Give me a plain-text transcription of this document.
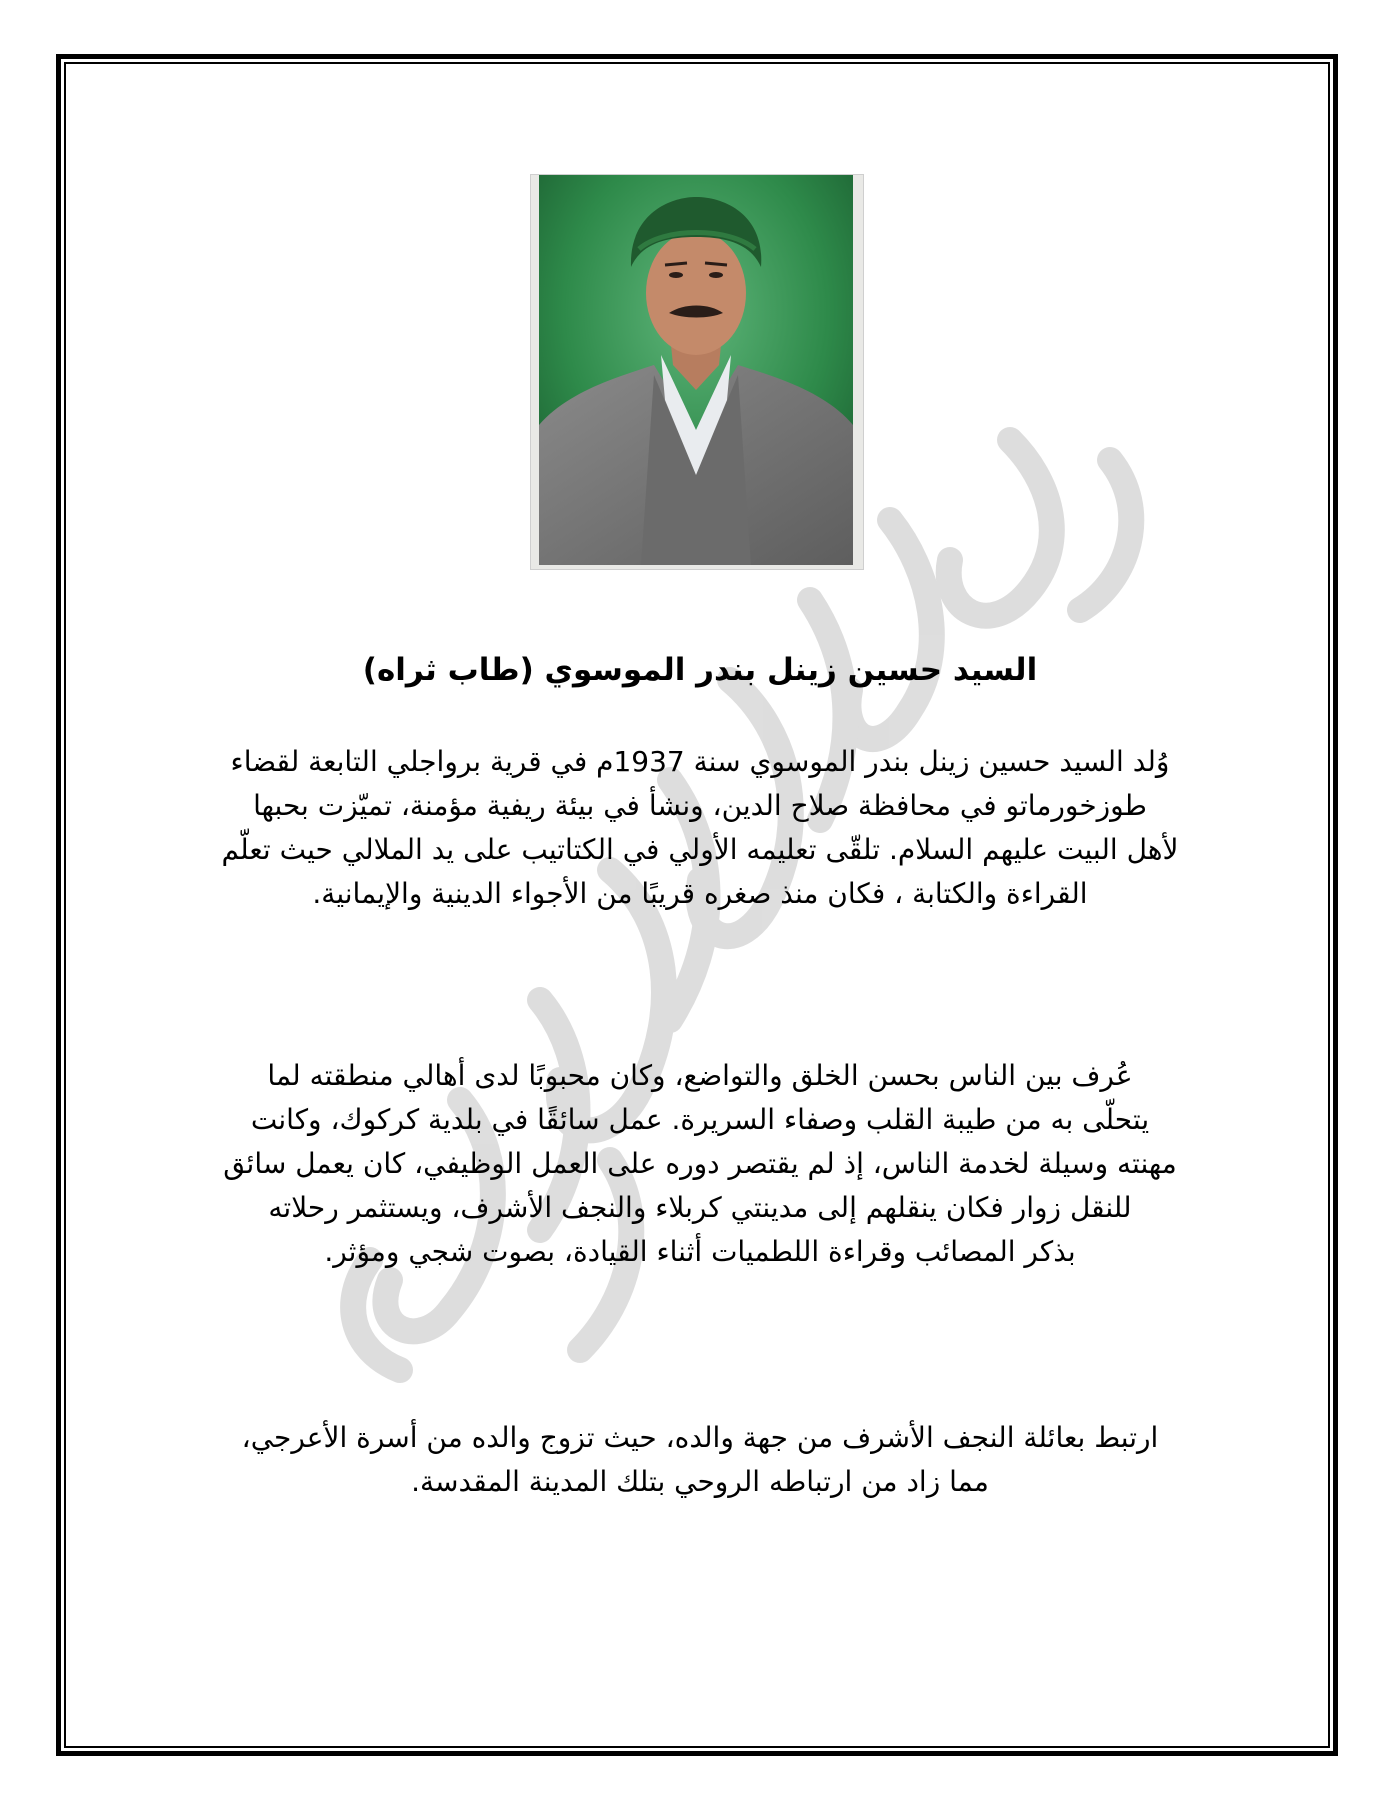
السيد حسين زينل بندر الموسوي (طاب ثراه)
وُلد السيد حسين زينل بندر الموسوي سنة 1937م في قرية برواجلي التابعة لقضاء
طوزخورماتو في محافظة صلاح الدين، ونشأ في بيئة ريفية مؤمنة، تميّزت بحبها
لأهل البيت عليهم السلام. تلقّى تعليمه الأولي في الكتاتيب على يد الملالي حيث تعلّم
القراءة والكتابة ، فكان منذ صغره قريبًا من الأجواء الدينية والإيمانية.
عُرف بين الناس بحسن الخلق والتواضع، وكان محبوبًا لدى أهالي منطقته لما
يتحلّى به من طيبة القلب وصفاء السريرة. عمل سائقًا في بلدية كركوك، وكانت
مهنته وسيلة لخدمة الناس، إذ لم يقتصر دوره على العمل الوظيفي، كان يعمل سائق
للنقل زوار فكان ينقلهم إلى مدينتي كربلاء والنجف الأشرف، ويستثمر رحلاته
بذكر المصائب وقراءة اللطميات أثناء القيادة، بصوت شجي ومؤثر.
ارتبط بعائلة النجف الأشرف من جهة والده، حيث تزوج والده من أسرة الأعرجي،
مما زاد من ارتباطه الروحي بتلك المدينة المقدسة.
